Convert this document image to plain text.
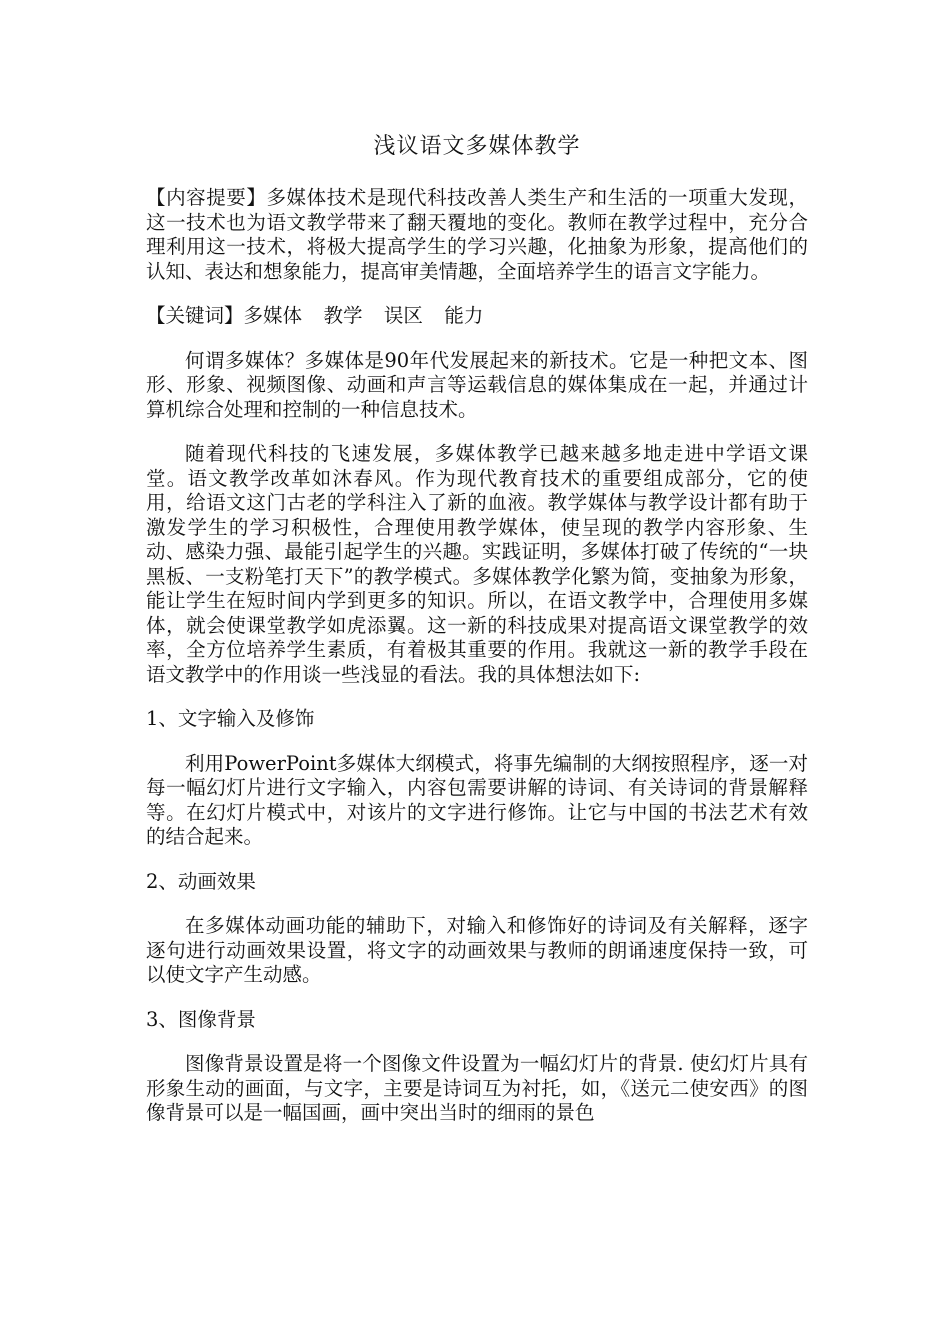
浅议语文多媒体教学

【内容提要】多媒体技术是现代科技改善人类生产和生活的一项重大发现，这一技术也为语文教学带来了翻天覆地的变化。教师在教学过程中，充分合理利用这一技术，将极大提高学生的学习兴趣，化抽象为形象，提高他们的认知、表达和想象能力，提高审美情趣，全面培养学生的语言文字能力。

【关键词】多媒体 教学 误区 能力

何谓多媒体？多媒体是90年代发展起来的新技术。它是一种把文本、图形、形象、视频图像、动画和声言等运载信息的媒体集成在一起，并通过计算机综合处理和控制的一种信息技术。

随着现代科技的飞速发展，多媒体教学已越来越多地走进中学语文课堂。语文教学改革如沐春风。作为现代教育技术的重要组成部分，它的使用，给语文这门古老的学科注入了新的血液。教学媒体与教学设计都有助于激发学生的学习积极性，合理使用教学媒体，使呈现的教学内容形象、生动、感染力强、最能引起学生的兴趣。实践证明，多媒体打破了传统的“一块黑板、一支粉笔打天下”的教学模式。多媒体教学化繁为简，变抽象为形象，能让学生在短时间内学到更多的知识。所以，在语文教学中，合理使用多媒体，就会使课堂教学如虎添翼。这一新的科技成果对提高语文课堂教学的效率，全方位培养学生素质，有着极其重要的作用。我就这一新的教学手段在语文教学中的作用谈一些浅显的看法。我的具体想法如下:

1、文字输入及修饰

利用PowerPoint多媒体大纲模式，将事先编制的大纲按照程序，逐一对每一幅幻灯片进行文字输入，内容包需要讲解的诗词、有关诗词的背景解释等。在幻灯片模式中，对该片的文字进行修饰。让它与中国的书法艺术有效的结合起来。

2、动画效果

在多媒体动画功能的辅助下，对输入和修饰好的诗词及有关解释，逐字逐句进行动画效果设置，将文字的动画效果与教师的朗诵速度保持一致，可以使文字产生动感。

3、图像背景

图像背景设置是将一个图像文件设置为一幅幻灯片的背景. 使幻灯片具有形象生动的画面，与文字，主要是诗词互为衬托，如，《送元二使安西》的图像背景可以是一幅国画，画中突出当时的细雨的景色
